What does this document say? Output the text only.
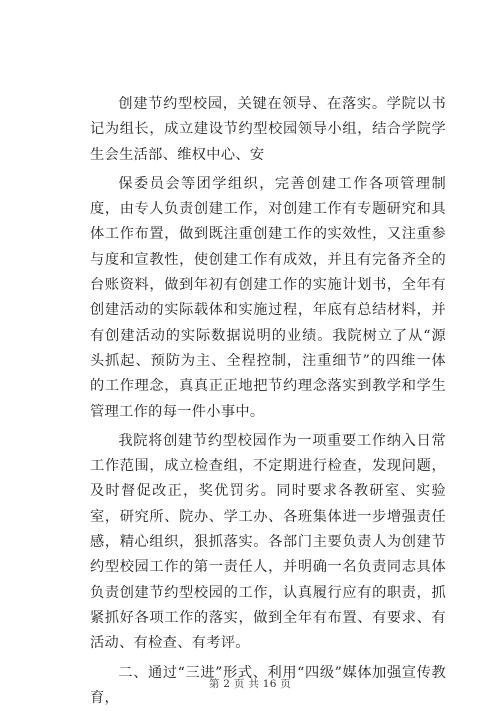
创建节约型校园，关键在领导、在落实。学院以书记为组长，成立建设节约型校园领导小组，结合学院学生会生活部、维权中心、安

保委员会等团学组织，完善创建工作各项管理制度，由专人负责创建工作，对创建工作有专题研究和具体工作布置，做到既注重创建工作的实效性，又注重参与度和宣教性，使创建工作有成效，并且有完备齐全的台账资料，做到年初有创建工作的实施计划书，全年有创建活动的实际载体和实施过程，年底有总结材料，并有创建活动的实际数据说明的业绩。我院树立了从“源头抓起、预防为主、全程控制，注重细节”的四维一体的工作理念，真真正正地把节约理念落实到教学和学生管理工作的每一件小事中。

我院将创建节约型校园作为一项重要工作纳入日常工作范围，成立检查组，不定期进行检查，发现问题，及时督促改正，奖优罚劣。同时要求各教研室、实验室，研究所、院办、学工办、各班集体进一步增强责任感，精心组织，狠抓落实。各部门主要负责人为创建节约型校园工作的第一责任人，并明确一名负责同志具体负责创建节约型校园的工作，认真履行应有的职责，抓紧抓好各项工作的落实，做到全年有布置、有要求、有活动、有检查、有考评。

二、通过“三进”形式、利用“四级”媒体加强宣传教育，

第 2 页 共 16 页
